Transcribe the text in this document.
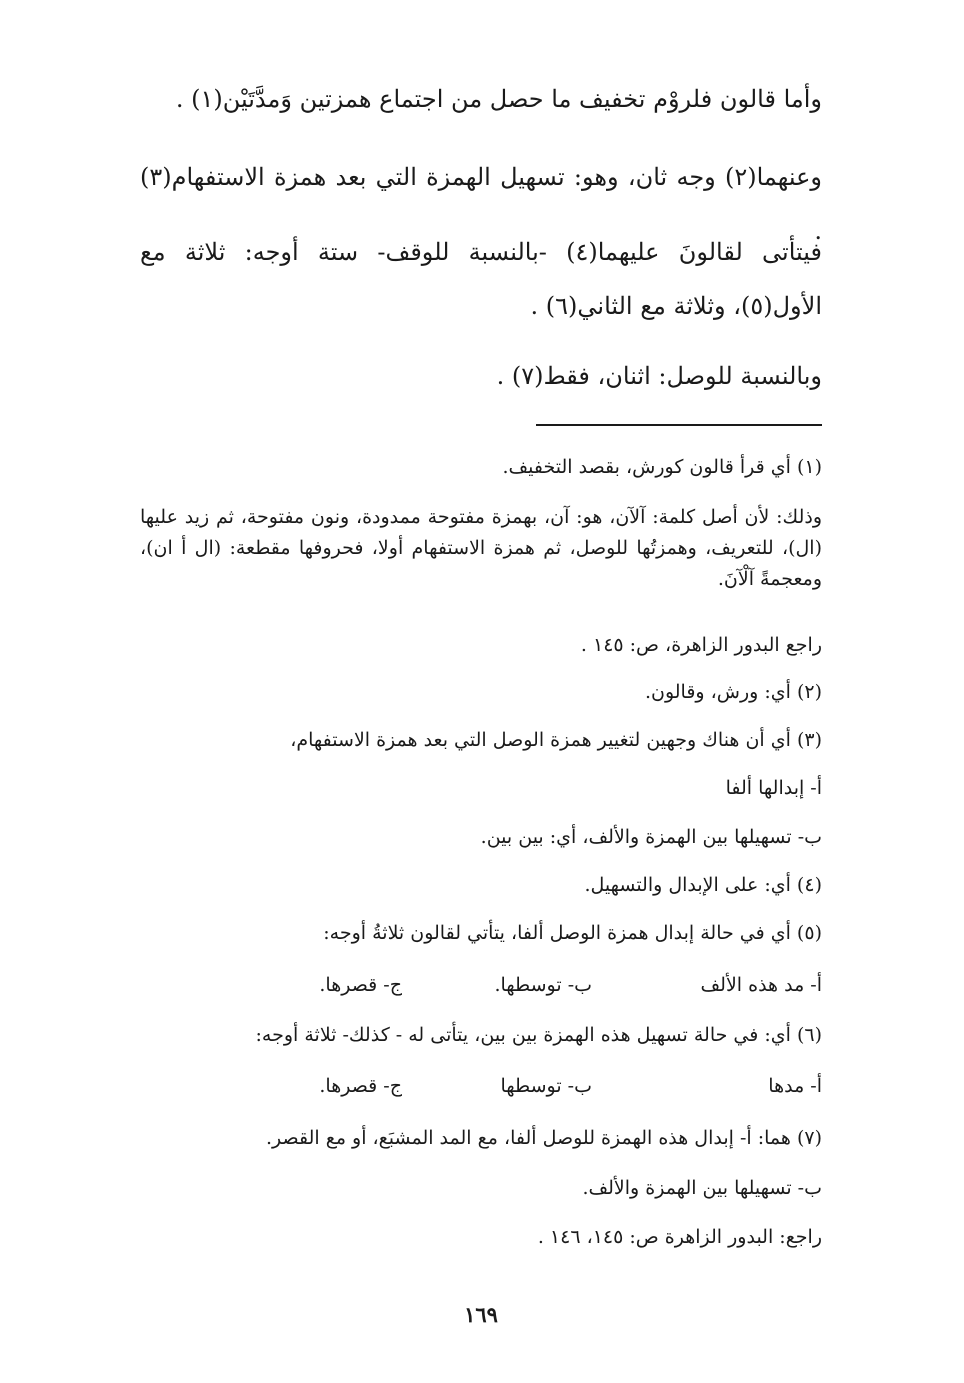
وأما قالون فلروْم تخفيف ما حصل من اجتماع همزتين وَمدَّتَيْن(١) .

وعنهما(٢) وجه ثان، وهو: تسهيل الهمزة التي بعد همزة الاستفهام(٣) .

فيتأتى لقالونَ عليهما(٤) -بالنسبة للوقف- ستة أوجه: ثلاثة مع الأول(٥)، وثلاثة مع الثاني(٦) .

وبالنسبة للوصل: اثنان، فقط(٧) .

(١) أي قرأ قالون كورش، بقصد التخفيف.

وذلك: لأن أصل كلمة: آلآن، هو: آن، بهمزة مفتوحة ممدودة، ونون مفتوحة، ثم زيد عليها (ال)، للتعريف، وهمزتُها للوصل، ثم همزة الاستفهام أولا، فحروفها مقطعة: (ال أ ان)، ومعجمةً آلْآنَ.

راجع البدور الزاهرة، ص: ١٤٥ .

(٢) أي: ورش، وقالون.

(٣) أي أن هناك وجهين لتغيير همزة الوصل التي بعد همزة الاستفهام،

أ- إبدالها ألفا

ب- تسهيلها بين الهمزة والألف، أي: بين بين.

(٤) أي: على الإبدال والتسهيل.

(٥) أي في حالة إبدال همزة الوصل ألفا، يتأتي لقالون ثلاثةُ أوجه:

أ- مد هذه الألف
ب- توسطها.
ج- قصرها.

(٦) أي: في حالة تسهيل هذه الهمزة بين بين، يتأتى له - كذلك- ثلاثة أوجه:

أ- مدها
ب- توسطها
ج- قصرها.

(٧) هما: أ- إبدال هذه الهمزة للوصل ألفا، مع المد المشبَع، أو مع القصر.

ب- تسهيلها بين الهمزة والألف.

راجع: البدور الزاهرة ص: ١٤٥، ١٤٦ .

١٦٩
